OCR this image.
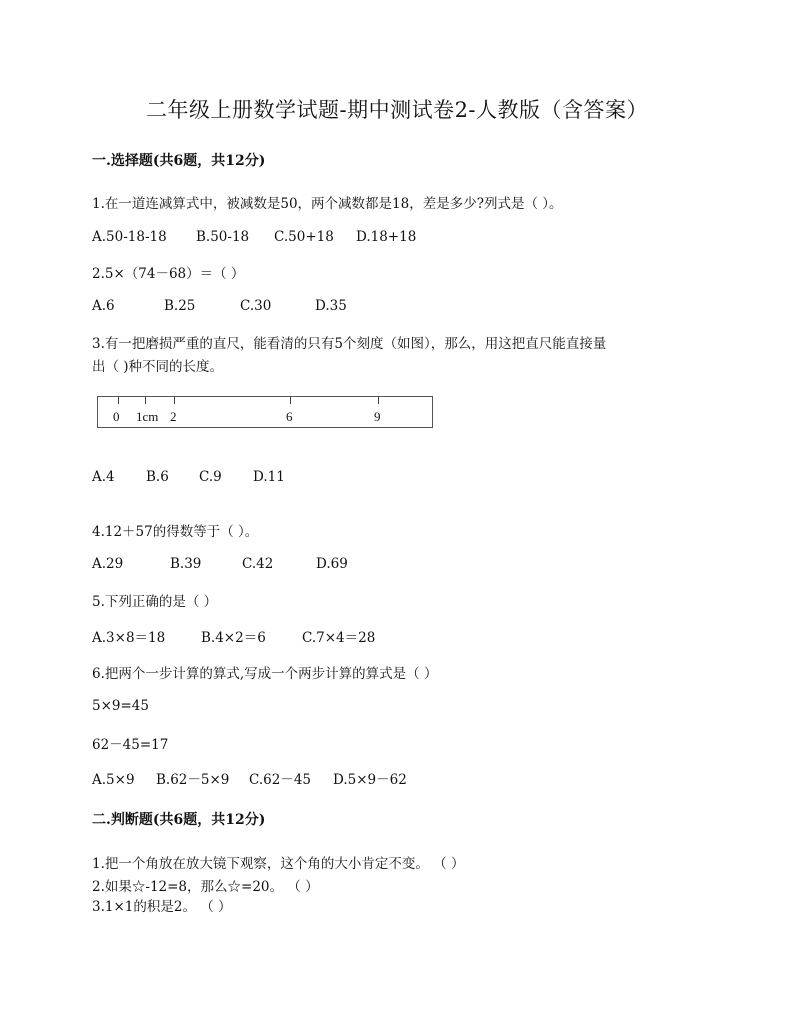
二年级上册数学试题-期中测试卷2-人教版（含答案）
一.选择题(共6题，共12分)
1.在一道连减算式中，被减数是50，两个减数都是18，差是多少?列式是（ ）。
A.50-18-18 B.50-18 C.50+18 D.18+18
2.5×（74－68）＝（ ）
A.6	B.25	C.30	D.35
3.有一把磨损严重的直尺，能看清的只有5个刻度（如图），那么，用这把直尺能直接量
出（ )种不同的长度。
0 1cm 2	6	9
A.4 B.6 C.9 D.11
4.12＋57的得数等于（ ）。
A.29	B.39	C.42	D.69
5.下列正确的是（ ）
A.3×8＝18	B.4×2＝6	C.7×4＝28
6.把两个一步计算的算式,写成一个两步计算的算式是（ ）
5×9=45
62－45=17
A.5×9 B.62－5×9 C.62－45 D.5×9－62
二.判断题(共6题，共12分)
1.把一个角放在放大镜下观察，这个角的大小肯定不变。 （ ）
2.如果☆-12=8，那么☆=20。 （ ）
3.1×1的积是2。 （ ）
